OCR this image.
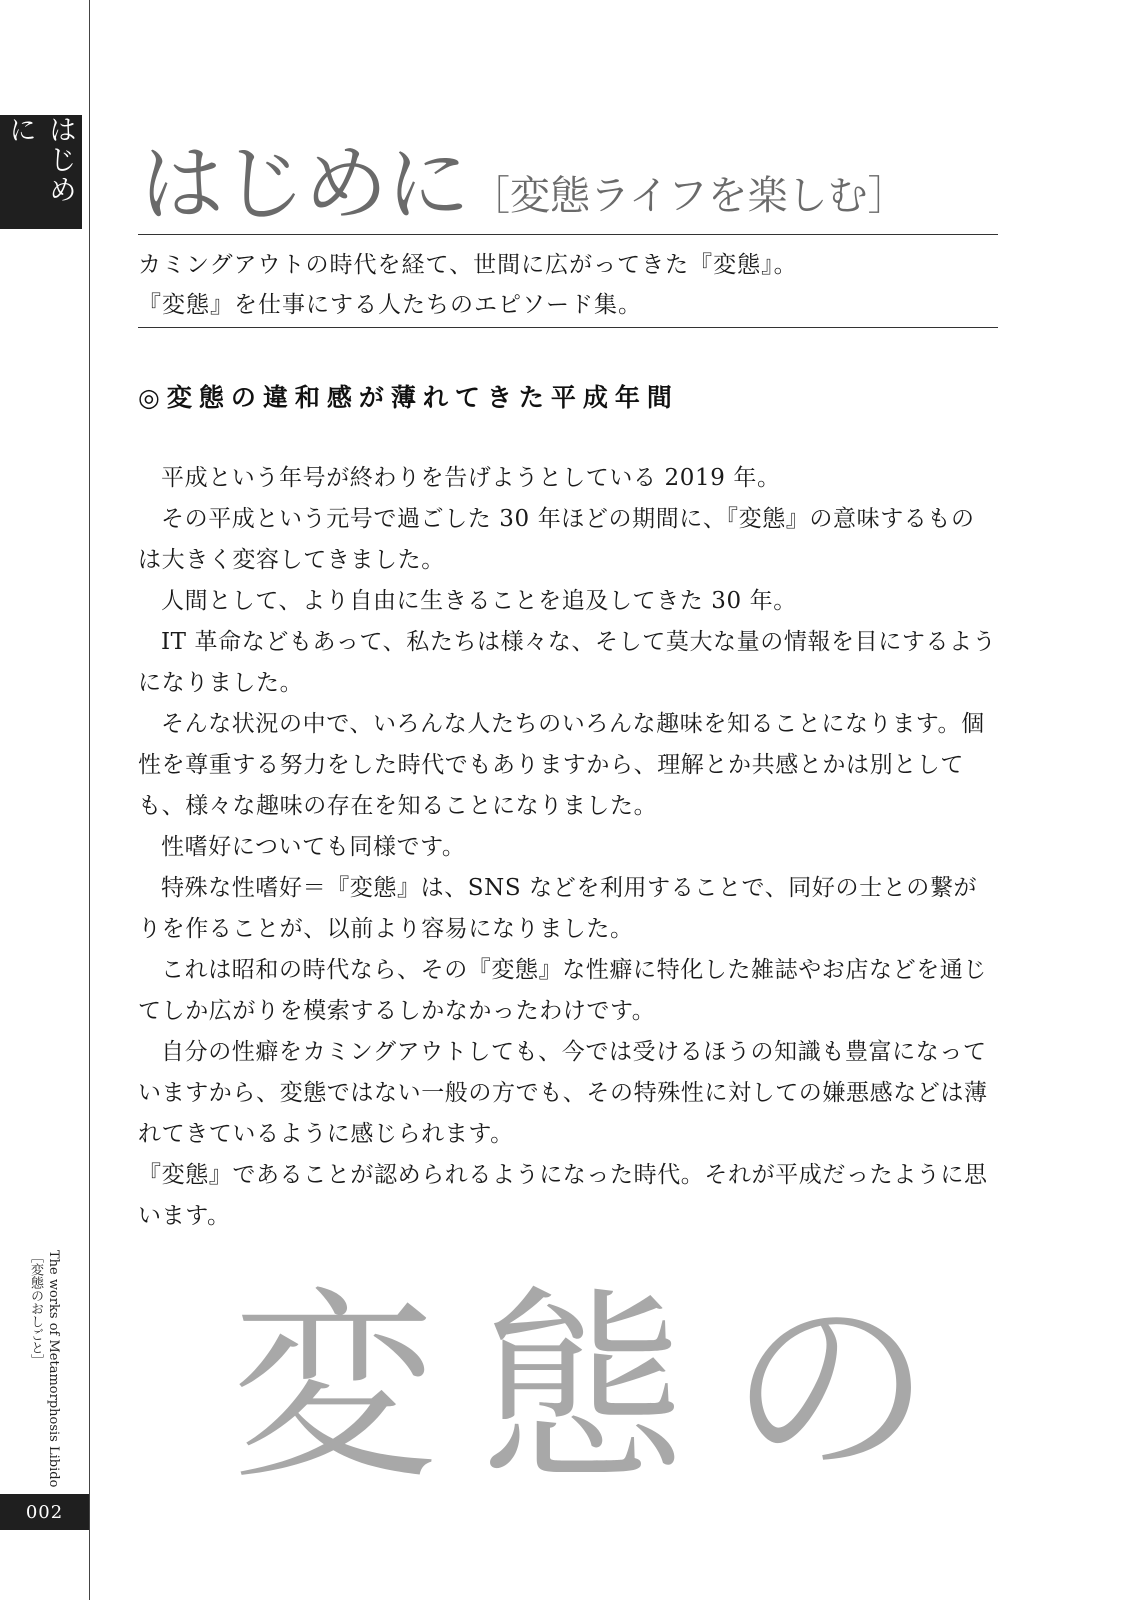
はじめに
The works of Metamorphosis Libido
［変態のおしごと］
002
はじめに ［変態ライフを楽しむ］
カミングアウトの時代を経て、世間に広がってきた『変態』。
『変態』を仕事にする人たちのエピソード集。
◎変態の違和感が薄れてきた平成年間

平成という年号が終わりを告げようとしている 2019 年。

その平成という元号で過ごした 30 年ほどの期間に、『変態』の意味するものは大きく変容してきました。

人間として、より自由に生きることを追及してきた 30 年。

IT 革命などもあって、私たちは様々な、そして莫大な量の情報を目にするようになりました。

そんな状況の中で、いろんな人たちのいろんな趣味を知ることになります。個性を尊重する努力をした時代でもありますから、理解とか共感とかは別としても、様々な趣味の存在を知ることになりました。

性嗜好についても同様です。

特殊な性嗜好＝『変態』は、SNS などを利用することで、同好の士との繋がりを作ることが、以前より容易になりました。

これは昭和の時代なら、その『変態』な性癖に特化した雑誌やお店などを通じてしか広がりを模索するしかなかったわけです。

自分の性癖をカミングアウトしても、今では受けるほうの知識も豊富になっていますから、変態ではない一般の方でも、その特殊性に対しての嫌悪感などは薄れてきているように感じられます。

『変態』であることが認められるようになった時代。それが平成だったように思います。

変態の
